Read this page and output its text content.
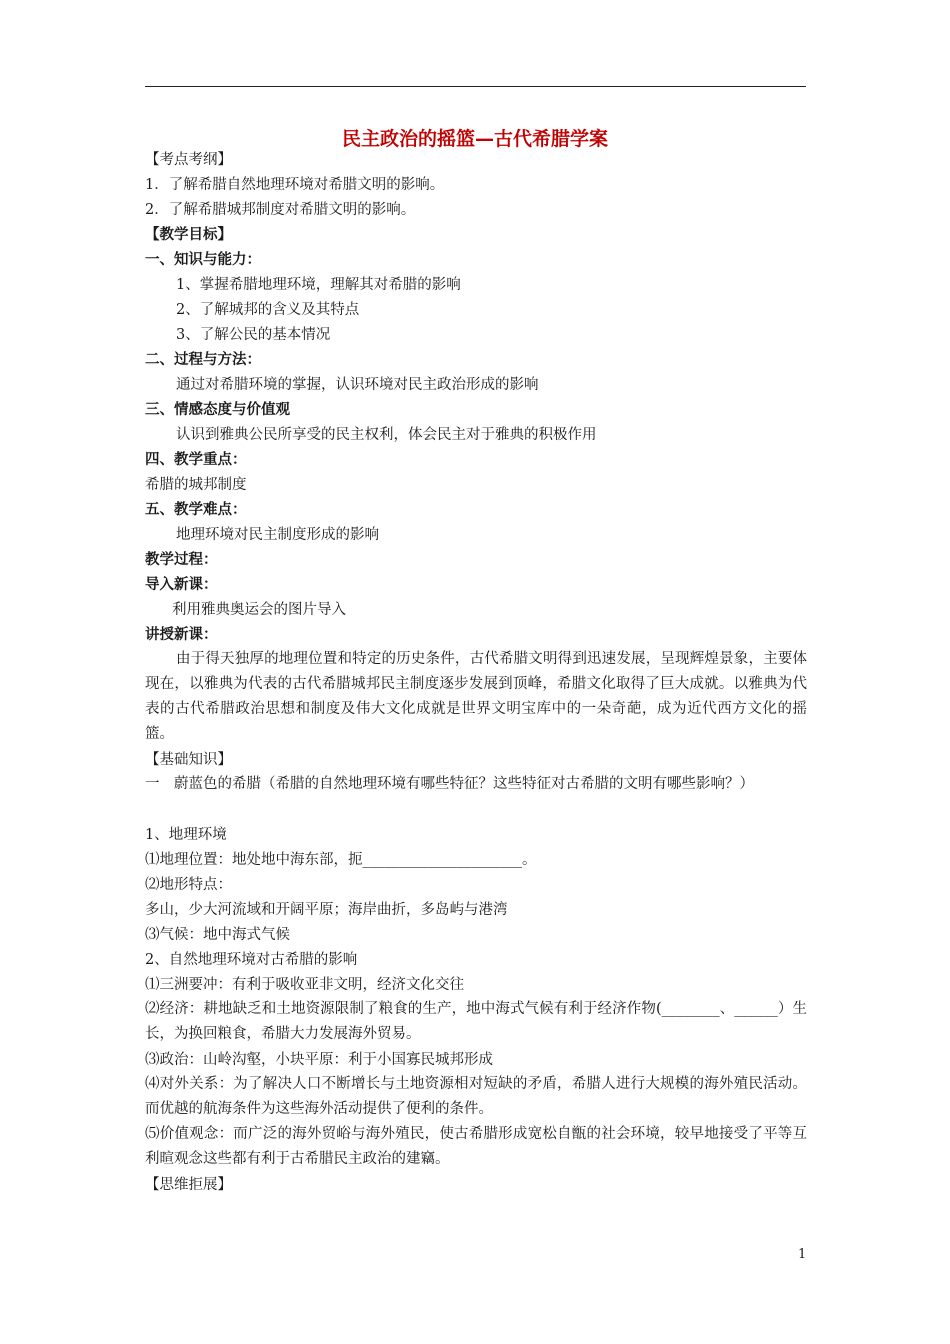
民主政治的摇篮—古代希腊学案
【考点考纲】
1．了解希腊自然地理环境对希腊文明的影响。
2．了解希腊城邦制度对希腊文明的影响。
【教学目标】
一、知识与能力：
1、掌握希腊地理环境，理解其对希腊的影响
2、了解城邦的含义及其特点
3、了解公民的基本情况
二、过程与方法：
通过对希腊环境的掌握，认识环境对民主政治形成的影响
三、情感态度与价值观
认识到雅典公民所享受的民主权利，体会民主对于雅典的积极作用
四、教学重点：
希腊的城邦制度
五、教学难点：
地理环境对民主制度形成的影响
教学过程：
导入新课：
利用雅典奥运会的图片导入
讲授新课：
由于得天独厚的地理位置和特定的历史条件，古代希腊文明得到迅速发展，呈现辉煌景象，主要体现在，以雅典为代表的古代希腊城邦民主制度逐步发展到顶峰，希腊文化取得了巨大成就。以雅典为代表的古代希腊政治思想和制度及伟大文化成就是世界文明宝库中的一朵奇葩，成为近代西方文化的摇篮。
【基础知识】
一　蔚蓝色的希腊（希腊的自然地理环境有哪些特征？这些特征对古希腊的文明有哪些影响？）
1、地理环境
⑴地理位置：地处地中海东部，扼______________________。
⑵地形特点：
多山，少大河流域和开阔平原；海岸曲折，多岛屿与港湾
⑶气候：地中海式气候
2、自然地理环境对古希腊的影响
⑴三洲要冲：有利于吸收亚非文明，经济文化交往
⑵经济：耕地缺乏和土地资源限制了粮食的生产，地中海式气候有利于经济作物(________、______）生长，为换回粮食，希腊大力发展海外贸易。
⑶政治：山岭沟壑，小块平原：利于小国寡民城邦形成
⑷对外关系：为了解决人口不断增长与土地资源相对短缺的矛盾，希腊人进行大规模的海外殖民活动。而优越的航海条件为这些海外活动提供了便利的条件。
⑸价值观念：而广泛的海外贸峪与海外殖民，使古希腊形成宽松自甑的社会环境，较早地接受了平等互利暄观念这些都有利于古希腊民主政治的建竊。
【思维拒展】
1
